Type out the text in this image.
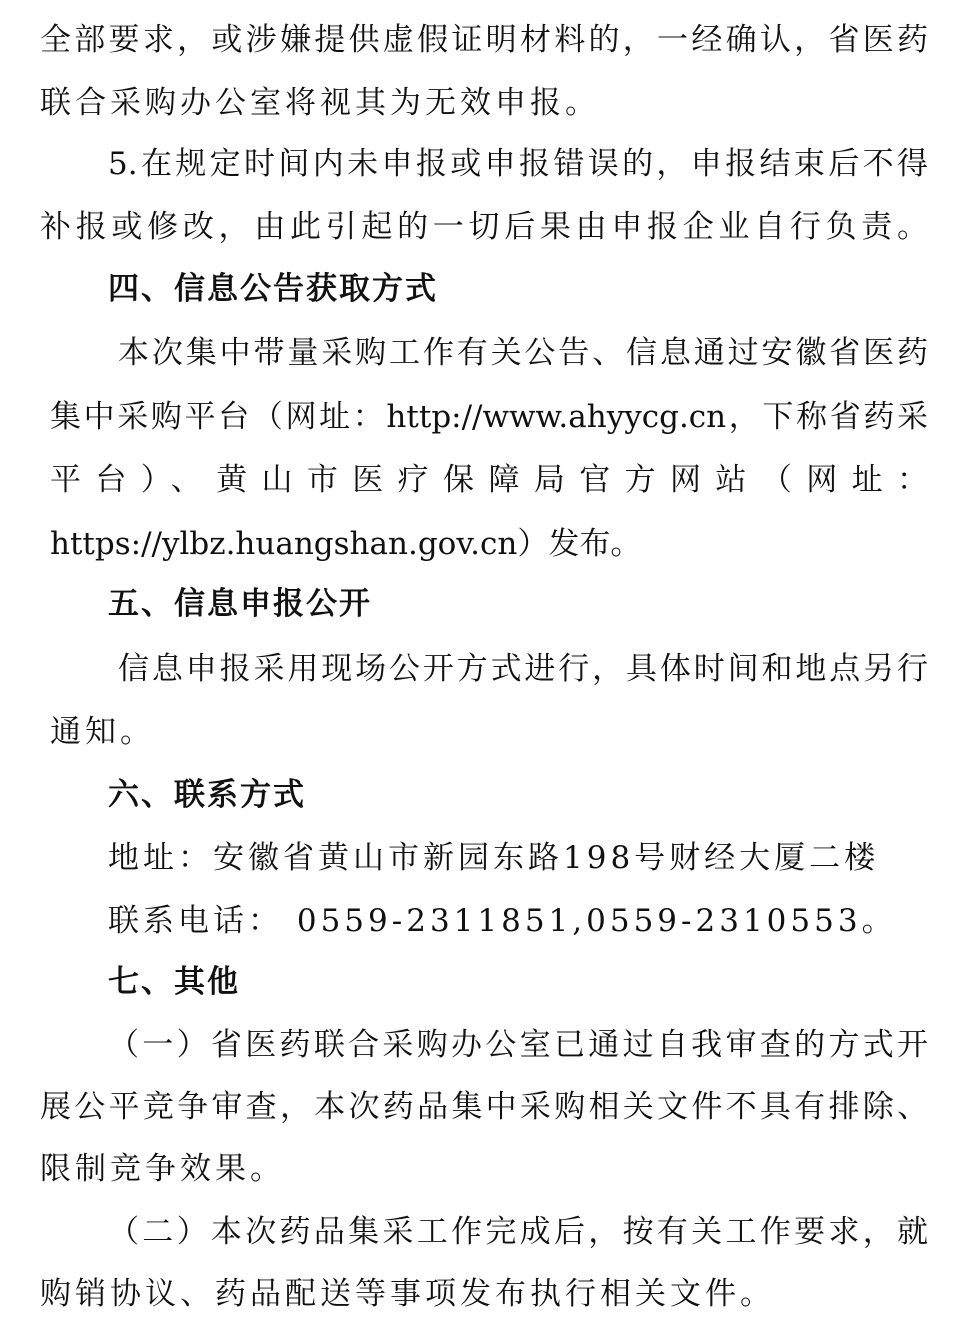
全部要求，或涉嫌提供虚假证明材料的，一经确认，省医药
联合采购办公室将视其为无效申报。
5.在规定时间内未申报或申报错误的，申报结束后不得
补报或修改，由此引起的一切后果由申报企业自行负责。
四、信息公告获取方式
本次集中带量采购工作有关公告、信息通过安徽省医药
集中采购平台（网址：http://www.ahyycg.cn，下称省药采
平台）、黄山市医疗保障局官方网站（网址：
https://ylbz.huangshan.gov.cn）发布。
五、信息申报公开
信息申报采用现场公开方式进行，具体时间和地点另行
通知。
六、联系方式
地址：安徽省黄山市新园东路198号财经大厦二楼
联系电话： 0559-2311851,0559-2310553。
七、其他
（一）省医药联合采购办公室已通过自我审查的方式开
展公平竞争审查，本次药品集中采购相关文件不具有排除、
限制竞争效果。
（二）本次药品集采工作完成后，按有关工作要求，就
购销协议、药品配送等事项发布执行相关文件。
